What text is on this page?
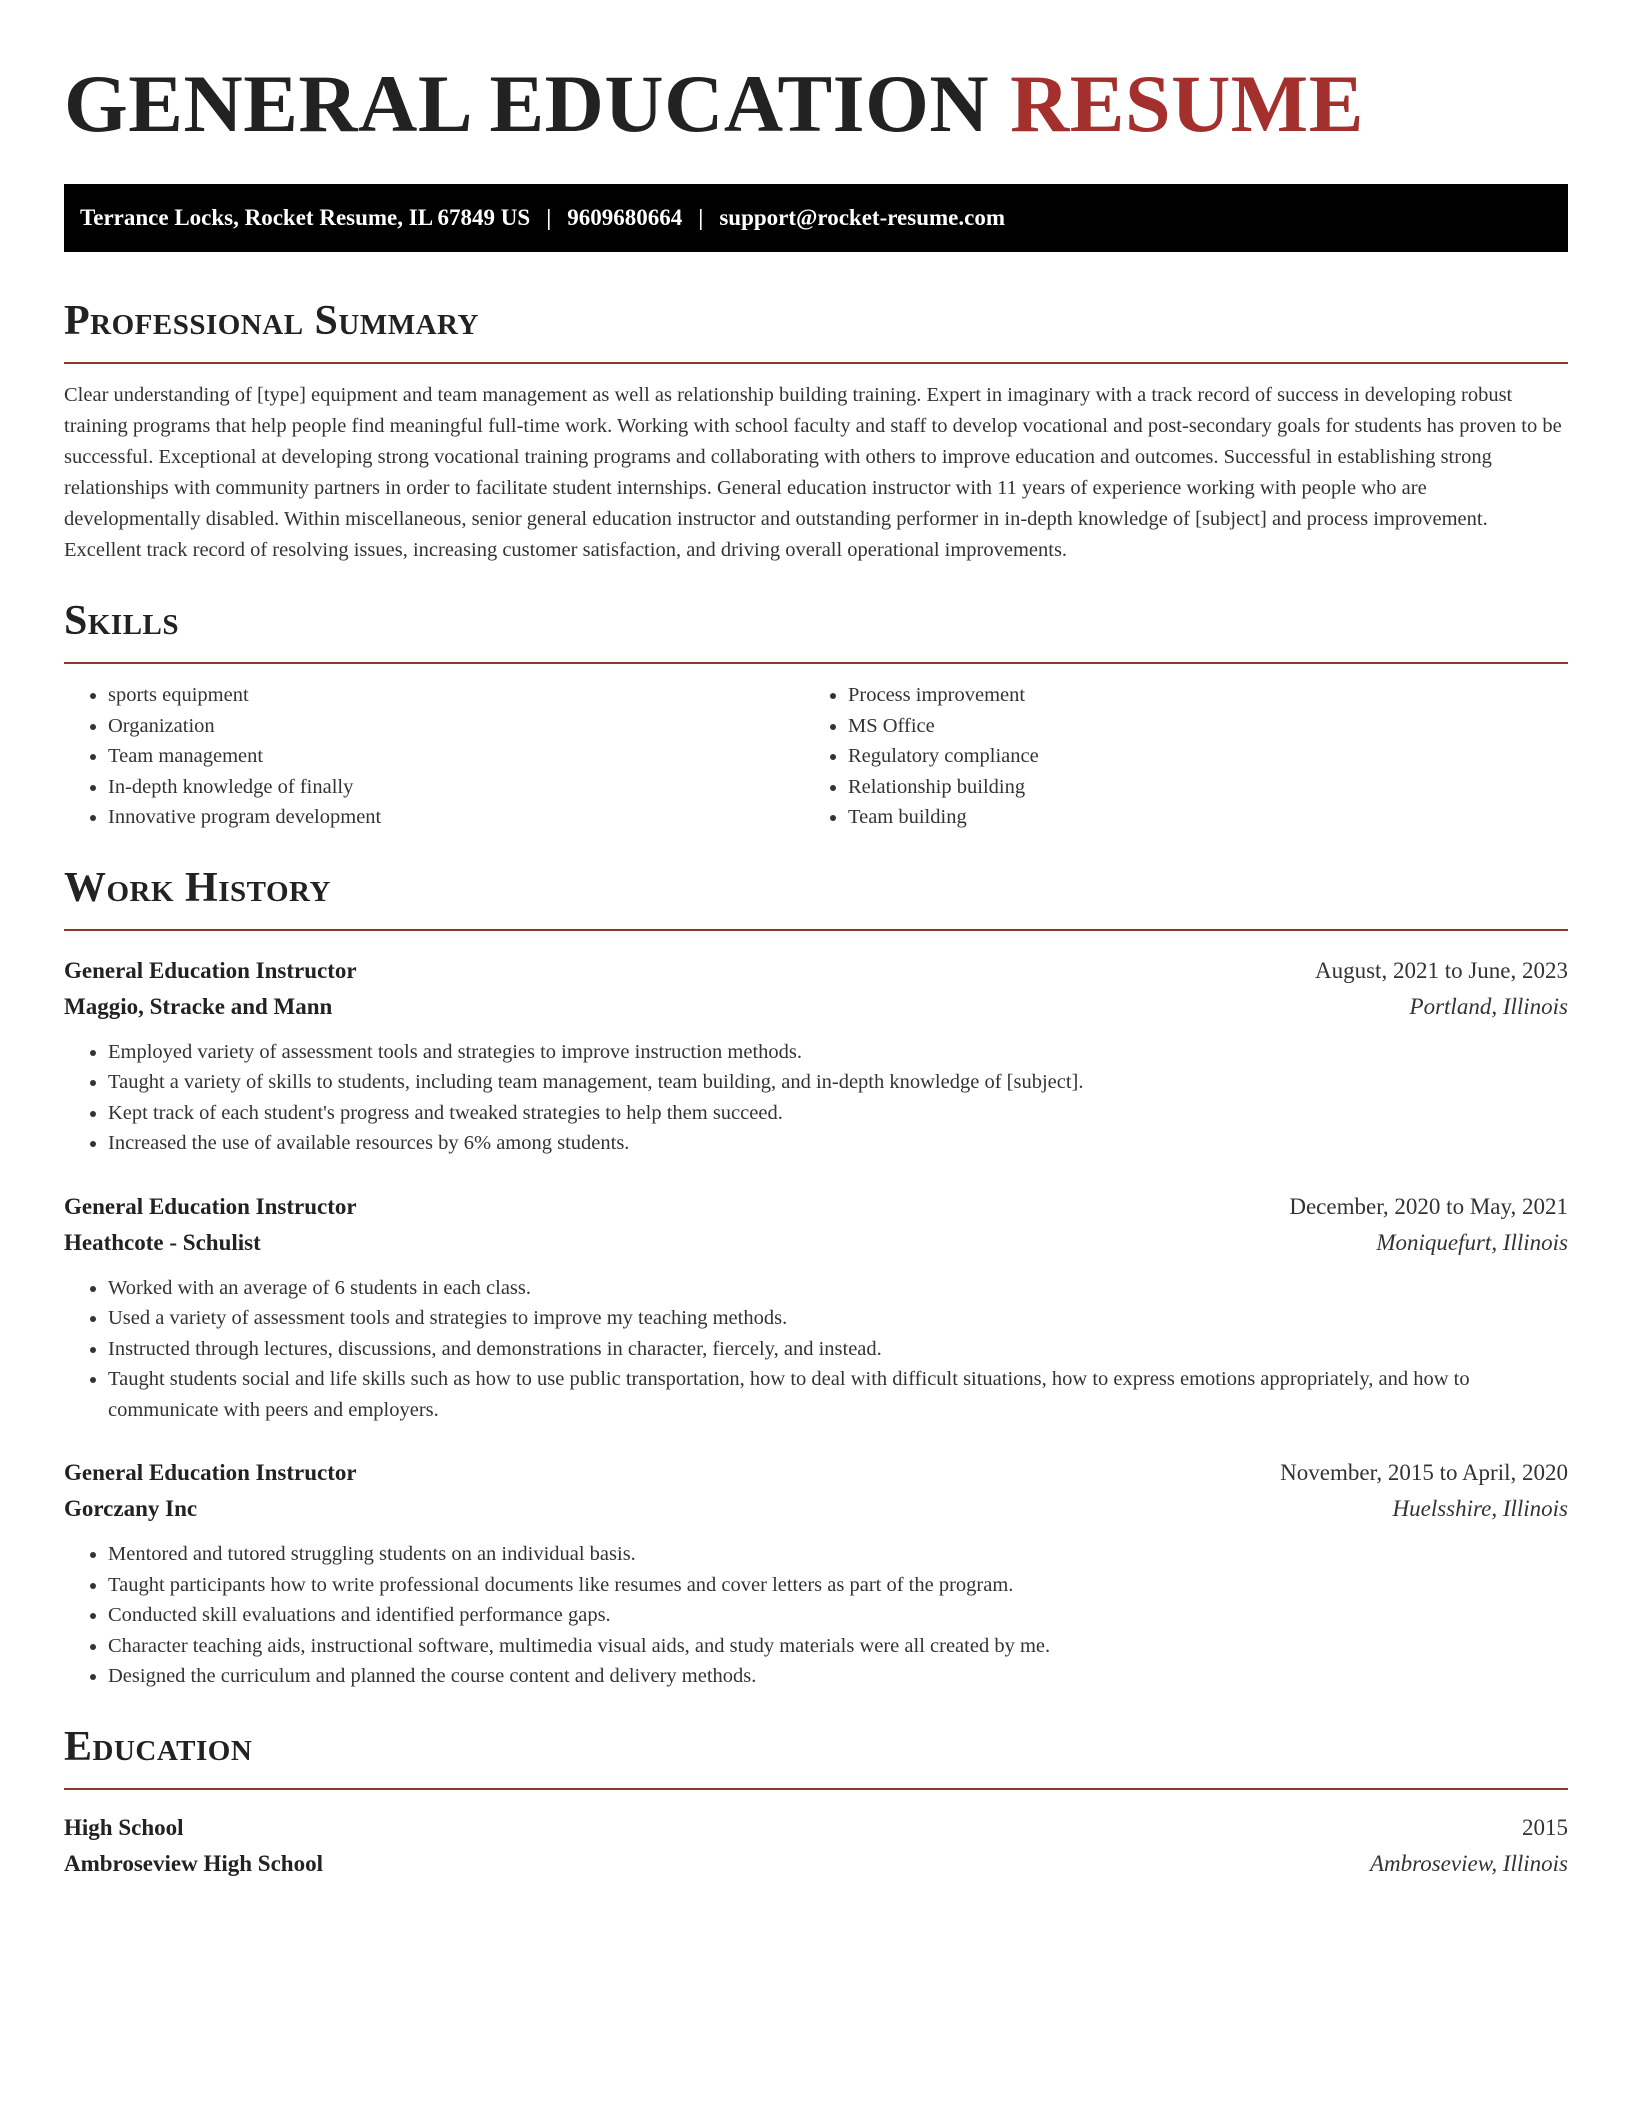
GENERAL EDUCATION RESUME
Terrance Locks, Rocket Resume, IL 67849 US | 9609680664 | support@rocket-resume.com
Professional Summary

Clear understanding of [type] equipment and team management as well as relationship building training. Expert in imaginary with a track record of success in developing robust training programs that help people find meaningful full-time work. Working with school faculty and staff to develop vocational and post-secondary goals for students has proven to be successful. Exceptional at developing strong vocational training programs and collaborating with others to improve education and outcomes. Successful in establishing strong relationships with community partners in order to facilitate student internships. General education instructor with 11 years of experience working with people who are developmentally disabled. Within miscellaneous, senior general education instructor and outstanding performer in in-depth knowledge of [subject] and process improvement. Excellent track record of resolving issues, increasing customer satisfaction, and driving overall operational improvements.

Skills
• sports equipment
• Organization
• Team management
• In-depth knowledge of finally
• Innovative program development
• Process improvement
• MS Office
• Regulatory compliance
• Relationship building
• Team building
Work History
General Education Instructor	August, 2021 to June, 2023
Maggio, Stracke and Mann	Portland, Illinois
• Employed variety of assessment tools and strategies to improve instruction methods.
• Taught a variety of skills to students, including team management, team building, and in-depth knowledge of [subject].
• Kept track of each student's progress and tweaked strategies to help them succeed.
• Increased the use of available resources by 6% among students.
General Education Instructor	December, 2020 to May, 2021
Heathcote - Schulist	Moniquefurt, Illinois
• Worked with an average of 6 students in each class.
• Used a variety of assessment tools and strategies to improve my teaching methods.
• Instructed through lectures, discussions, and demonstrations in character, fiercely, and instead.
• Taught students social and life skills such as how to use public transportation, how to deal with difficult situations, how to express emotions appropriately, and how to communicate with peers and employers.
General Education Instructor	November, 2015 to April, 2020
Gorczany Inc	Huelsshire, Illinois
• Mentored and tutored struggling students on an individual basis.
• Taught participants how to write professional documents like resumes and cover letters as part of the program.
• Conducted skill evaluations and identified performance gaps.
• Character teaching aids, instructional software, multimedia visual aids, and study materials were all created by me.
• Designed the curriculum and planned the course content and delivery methods.
Education
High School	2015
Ambroseview High School	Ambroseview, Illinois
